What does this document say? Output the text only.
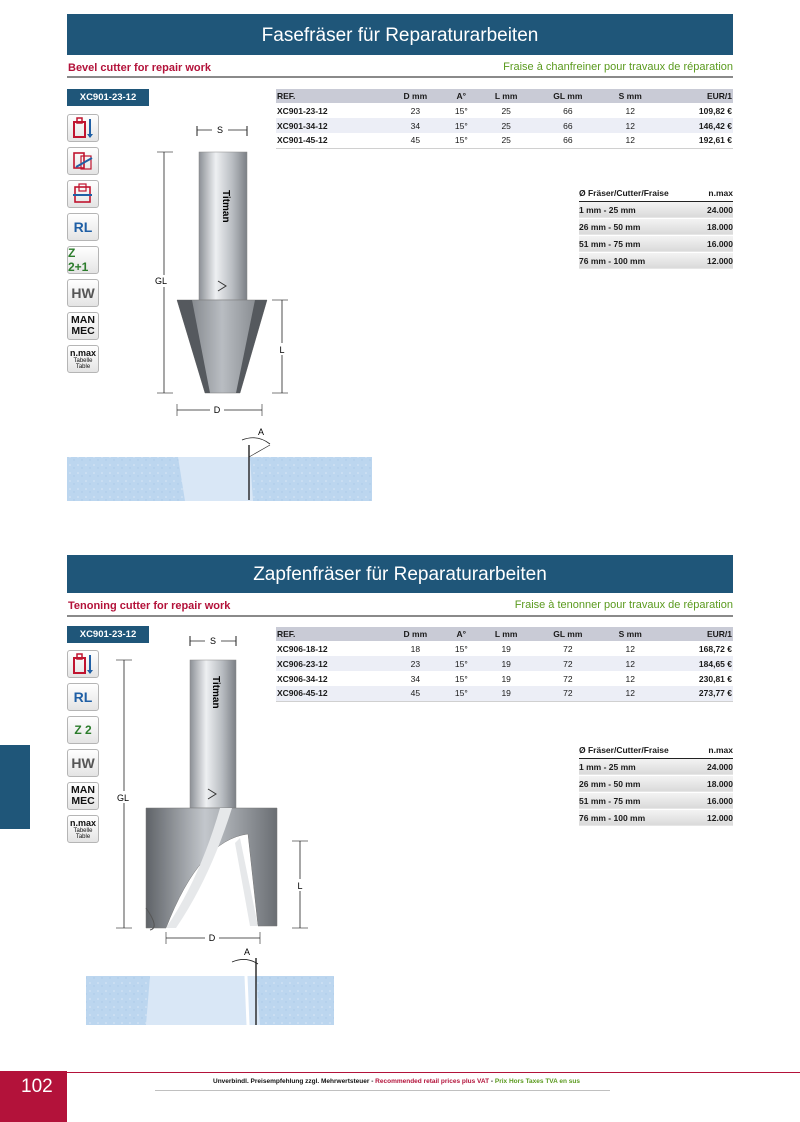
Fasefräser für Reparaturarbeiten
Bevel cutter for repair work	Fraise à chanfreiner pour travaux de réparation
XC901-23-12
RL
Z 2+1
HW
MAN
MEC
n.max
Tabelle
Table
REF.	D mm	A°	L mm	GL mm	S mm	EUR/1
XC901-23-12	23	15°	25	66	12	109,82 €
XC901-34-12	34	15°	25	66	12	146,42 €
XC901-45-12	45	15°	25	66	12	192,61 €
Ø Fräser/Cutter/Fraise	n.max
1 mm - 25 mm	24.000
26 mm - 50 mm	18.000
51 mm - 75 mm	16.000
76 mm - 100 mm	12.000
S
Titman
GL
L
D
A
Zapfenfräser für Reparaturarbeiten
Tenoning cutter for repair work	Fraise à tenonner pour travaux de réparation
XC901-23-12
RL
Z 2
HW
MAN
MEC
n.max
Tabelle
Table
REF.	D mm	A°	L mm	GL mm	S mm	EUR/1
XC906-18-12	18	15°	19	72	12	168,72 €
XC906-23-12	23	15°	19	72	12	184,65 €
XC906-34-12	34	15°	19	72	12	230,81 €
XC906-45-12	45	15°	19	72	12	273,77 €
Ø Fräser/Cutter/Fraise	n.max
1 mm - 25 mm	24.000
26 mm - 50 mm	18.000
51 mm - 75 mm	16.000
76 mm - 100 mm	12.000
S
Titman
GL
L
D
A
102	Unverbindl. Preisempfehlung zzgl. Mehrwertsteuer - Recommended retail prices plus VAT - Prix Hors Taxes TVA en sus
